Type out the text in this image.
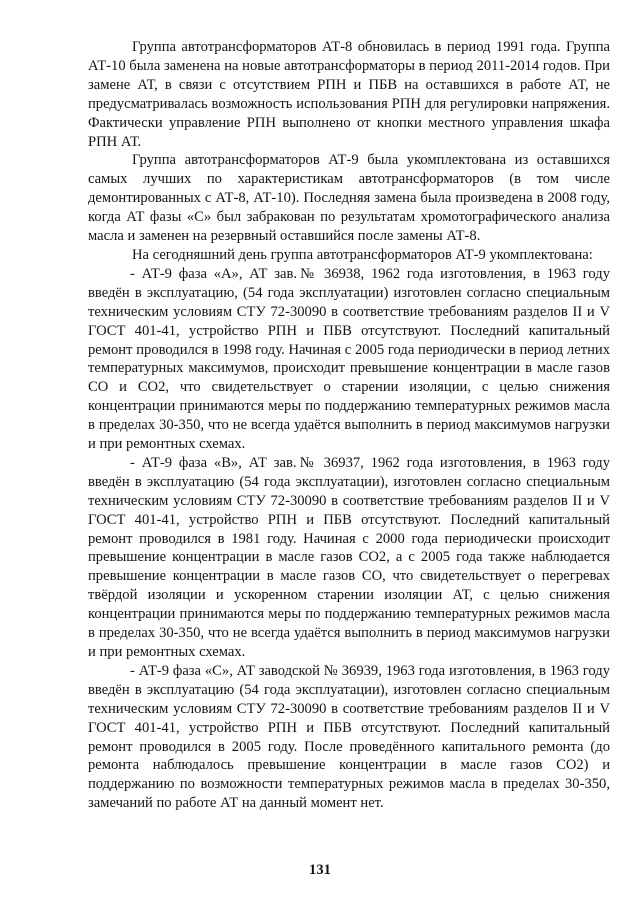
Группа автотрансформаторов АТ-8 обновилась в период 1991 года. Группа АТ-10 была заменена на новые автотрансформаторы в период 2011-2014 годов. При замене АТ, в связи с отсутствием РПН и ПБВ на оставшихся в работе АТ, не предусматривалась возможность использования РПН для регулировки напряжения. Фактически управление РПН выполнено от кнопки местного управления шкафа РПН АТ.

Группа автотрансформаторов АТ-9 была укомплектована из оставшихся самых лучших по характеристикам автотрансформаторов (в том числе демонтированных с АТ-8, АТ-10). Последняя замена была произведена в 2008 году, когда АТ фазы «С» был забракован по результатам хромотографического анализа масла и заменен на резервный оставшийся после замены АТ-8.

На сегодняшний день группа автотрансформаторов АТ-9 укомплектована:

- АТ-9 фаза «А», АТ зав.№ 36938, 1962 года изготовления, в 1963 году введён в эксплуатацию, (54 года эксплуатации) изготовлен согласно специальным техническим условиям СТУ 72-30090 в соответствие требованиям разделов II и V ГОСТ 401-41, устройство РПН и ПБВ отсутствуют. Последний капитальный ремонт проводился в 1998 году. Начиная с 2005 года периодически в период летних температурных максимумов, происходит превышение концентрации в масле газов СО и СО2, что свидетельствует о старении изоляции, с целью снижения концентрации принимаются меры по поддержанию температурных режимов масла в пределах 30-350, что не всегда удаётся выполнить в период максимумов нагрузки и при ремонтных схемах.

- АТ-9 фаза «В», АТ зав.№ 36937, 1962 года изготовления, в 1963 году введён в эксплуатацию (54 года эксплуатации), изготовлен согласно специальным техническим условиям СТУ 72-30090 в соответствие требованиям разделов II и V ГОСТ 401-41, устройство РПН и ПБВ отсутствуют. Последний капитальный ремонт проводился в 1981 году. Начиная с 2000 года периодически происходит превышение концентрации в масле газов СО2, а с 2005 года также наблюдается превышение концентрации в масле газов СО, что свидетельствует о перегревах твёрдой изоляции и ускоренном старении изоляции АТ, с целью снижения концентрации принимаются меры по поддержанию температурных режимов масла в пределах 30-350, что не всегда удаётся выполнить в период максимумов нагрузки и при ремонтных схемах.

- АТ-9 фаза «С», АТ заводской № 36939, 1963 года изготовления, в 1963 году введён в эксплуатацию (54 года эксплуатации), изготовлен согласно специальным техническим условиям СТУ 72-30090 в соответствие требованиям разделов II и V ГОСТ 401-41, устройство РПН и ПБВ отсутствуют. Последний капитальный ремонт проводился в 2005 году. После проведённого капитального ремонта (до ремонта наблюдалось превышение концентрации в масле газов СО2) и поддержанию по возможности температурных режимов масла в пределах 30-350, замечаний по работе АТ на данный момент нет.

131
